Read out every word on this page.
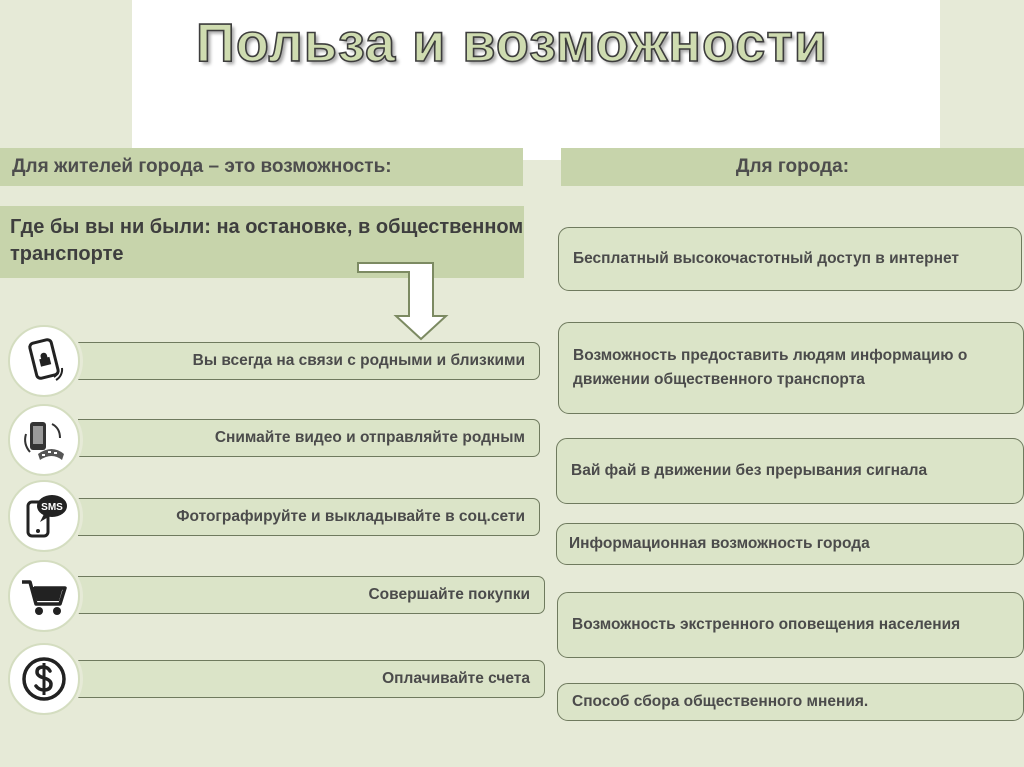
Польза и возможности
Для жителей города – это возможность:	Для города:
Где бы вы ни были: на остановке, в общественном транспорте
Вы всегда на связи с родными и близкими
Снимайте видео и отправляйте родным
Фотографируйте и выкладывайте в соц.сети
SMS
Совершайте покупки
Оплачивайте счета
Бесплатный высокочастотный доступ в интернет
Возможность предоставить людям информацию о движении общественного транспорта
Вай фай в движении без прерывания сигнала
Информационная возможность города
Возможность экстренного оповещения населения
Способ сбора общественного мнения.
